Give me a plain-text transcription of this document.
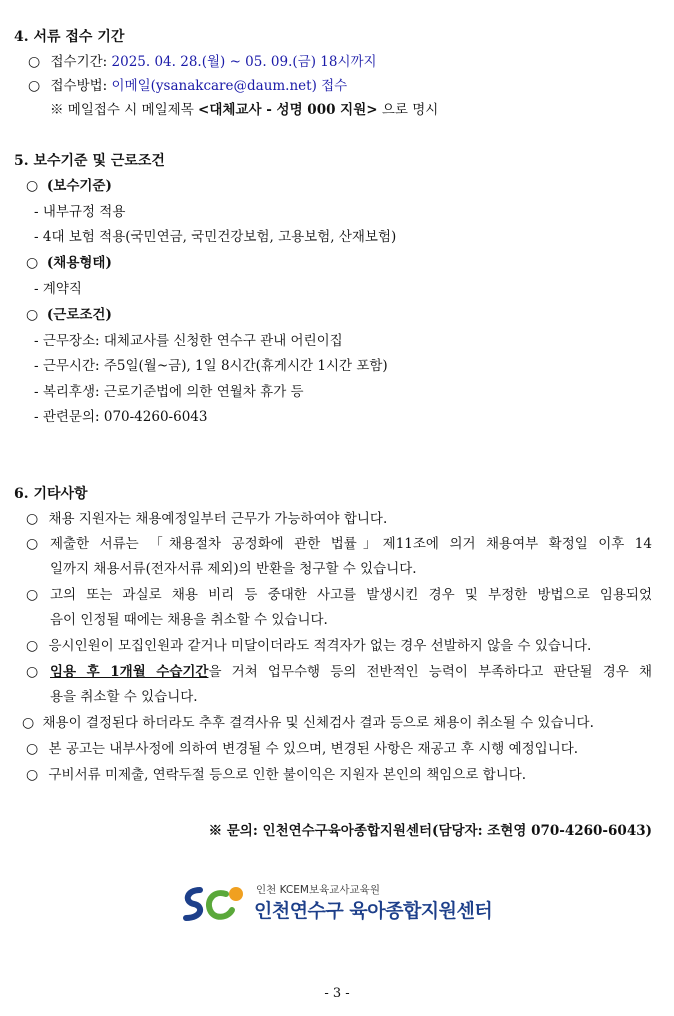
4. 서류 접수 기간
○ 접수기간: 2025. 04. 28.(월) ~ 05. 09.(금) 18시까지
○ 접수방법: 이메일(ysanakcare@daum.net) 접수
※ 메일접수 시 메일제목 <대체교사 - 성명 000 지원> 으로 명시
5. 보수기준 및 근로조건
○ (보수기준)
- 내부규정 적용
- 4대 보험 적용(국민연금, 국민건강보험, 고용보험, 산재보험)
○ (채용형태)
- 계약직
○ (근로조건)
- 근무장소: 대체교사를 신청한 연수구 관내 어린이집
- 근무시간: 주5일(월~금), 1일 8시간(휴게시간 1시간 포함)
- 복리후생: 근로기준법에 의한 연월차 휴가 등
- 관련문의: 070-4260-6043
6. 기타사항
○ 채용 지원자는 채용예정일부터 근무가 가능하여야 합니다.
○ 제출한 서류는 「채용절차 공정화에 관한 법률」제11조에 의거 채용여부 확정일 이후 14
일까지 채용서류(전자서류 제외)의 반환을 청구할 수 있습니다.
○ 고의 또는 과실로 채용 비리 등 중대한 사고를 발생시킨 경우 및 부정한 방법으로 임용되었
음이 인정될 때에는 채용을 취소할 수 있습니다.
○ 응시인원이 모집인원과 같거나 미달이더라도 적격자가 없는 경우 선발하지 않을 수 있습니다.
○ 임용 후 1개월 수습기간을 거쳐 업무수행 등의 전반적인 능력이 부족하다고 판단될 경우 채
용을 취소할 수 있습니다.
○ 채용이 결정된다 하더라도 추후 결격사유 및 신체검사 결과 등으로 채용이 취소될 수 있습니다.
○ 본 공고는 내부사정에 의하여 변경될 수 있으며, 변경된 사항은 재공고 후 시행 예정입니다.
○ 구비서류 미제출, 연락두절 등으로 인한 불이익은 지원자 본인의 책임으로 합니다.
※ 문의: 인천연수구육아종합지원센터(담당자: 조현영 070-4260-6043)
인천 KCEM보육교사교육원
인천연수구 육아종합지원센터
- 3 -
